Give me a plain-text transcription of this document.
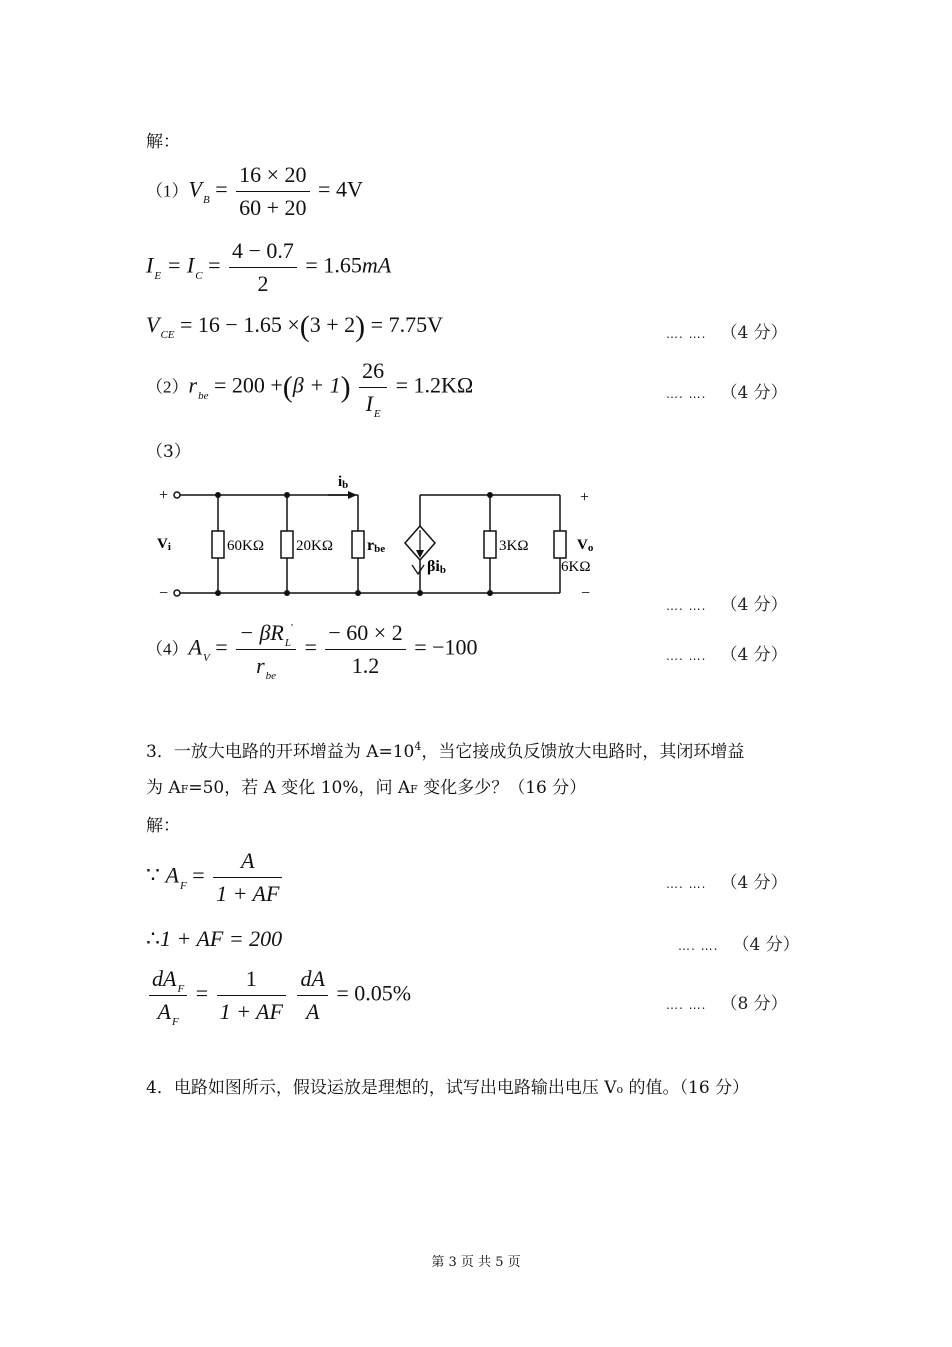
解：
$(1)V_B = \frac{16 \times 20}{60 + 20} = 4V$
$I_E = I_C = \frac{4 - 0.7}{2} = 1.65mA$
$V_{CE} = 16 - 1.65 \times(3 + 2) = 7.75V$	…. …. （4 分）
$(2)r_{be} = 200 +(\beta + 1) \frac{26}{I_E} = 1.2K\Omega$	…. …. （4 分）
（3）
+
−
Vi	60KΩ 20KΩ rbe
ib
βib
3KΩ
6KΩ
Vo
+
−
…. …. （4 分）
$(4)A_V = \frac{- \beta R_L'}{r_{be}} = \frac{- 60 \times 2}{1.2} = -100$	…. …. （4 分）
3．一放大电路的开环增益为 $A=10^4$，当它接成负反馈放大电路时，其闭环增益
为 AF=50，若 A 变化 10%，问 AF 变化多少？（16 分）
解：
∵ $A_F = \frac{A}{1 + AF}$	…. …. （4 分）
∴1 + AF = 200	…. …. （4 分）
$\frac{dA_F}{A_F} = \frac{1}{1 + AF}$
$\frac{dA}{A} = 0.05\%$	…. …. （8 分）
4．电路如图所示，假设运放是理想的，试写出电路输出电压 Vo 的值。（16 分）
第 3 页 共 5 页
